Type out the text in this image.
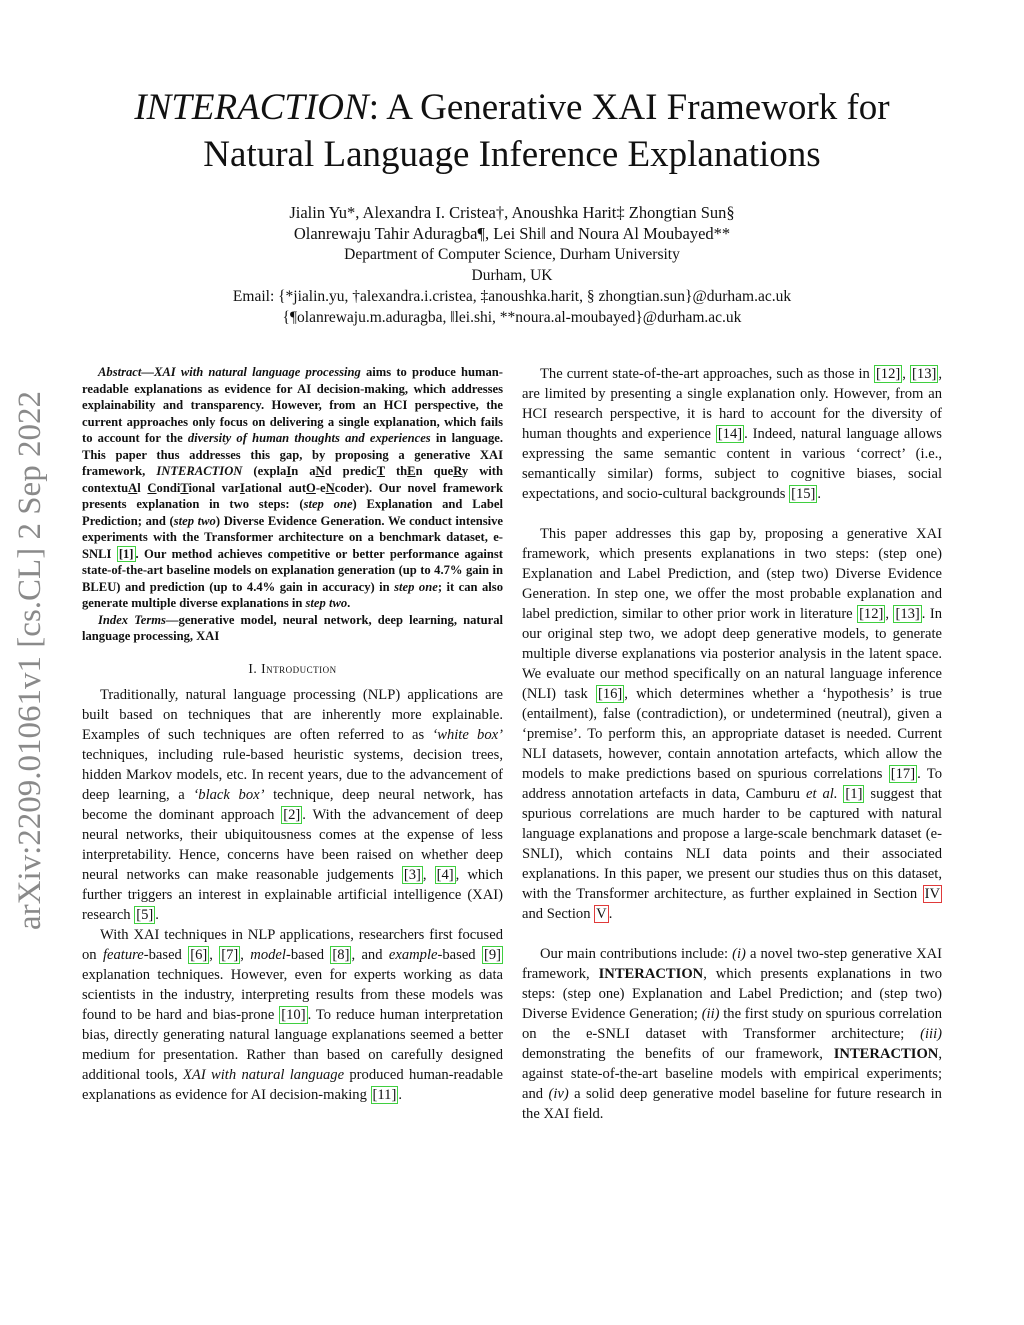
INTERACTION: A Generative XAI Framework for
Natural Language Inference Explanations
Jialin Yu*, Alexandra I. Cristea†, Anoushka Harit‡ Zhongtian Sun§
Olanrewaju Tahir Aduragba¶, Lei Shi‖ and Noura Al Moubayed**
Department of Computer Science, Durham University
Durham, UK
Email: {*jialin.yu, †alexandra.i.cristea, ‡anoushka.harit, § zhongtian.sun}@durham.ac.uk
{¶olanrewaju.m.aduragba, ‖lei.shi, **noura.al-moubayed}@durham.ac.uk
arXiv:2209.01061v1 [cs.CL] 2 Sep 2022

Abstract—XAI with natural language processing aims to produce human-readable explanations as evidence for AI decision-making, which addresses explainability and transparency. However, from an HCI perspective, the current approaches only focus on delivering a single explanation, which fails to account for the diversity of human thoughts and experiences in language. This paper thus addresses this gap, by proposing a generative XAI framework, INTERACTION (explaIn aNd predicT thEn queRy with contextuAl CondiTional varIational autO-eNcoder). Our novel framework presents explanation in two steps: (step one) Explanation and Label Prediction; and (step two) Diverse Evidence Generation. We conduct intensive experiments with the Transformer architecture on a benchmark dataset, e-SNLI [1] . Our method achieves competitive or better performance against state-of-the-art baseline models on explanation generation (up to 4.7% gain in BLEU) and prediction (up to 4.4% gain in accuracy) in step one; it can also generate multiple diverse explanations in step two.

Index Terms—generative model, neural network, deep learning, natural language processing, XAI

I. Introduction

Traditionally, natural language processing (NLP) applications are built based on techniques that are inherently more explainable. Examples of such techniques are often referred to as ‘white box’ techniques, including rule-based heuristic systems, decision trees, hidden Markov models, etc. In recent years, due to the advancement of deep learning, a ‘black box’ technique, deep neural network, has become the dominant approach [2] . With the advancement of deep neural networks, their ubiquitousness comes at the expense of less interpretability. Hence, concerns have been raised on whether deep neural networks can make reasonable judgements [3] , [4] , which further triggers an interest in explainable artificial intelligence (XAI) research [5] .

With XAI techniques in NLP applications, researchers first focused on feature-based [6] , [7] , model-based [8] , and example-based [9] explanation techniques. However, even for experts working as data scientists in the industry, interpreting results from these models was found to be hard and bias-prone [10] . To reduce human interpretation bias, directly generating natural language explanations seemed a better medium for presentation. Rather than based on carefully designed additional tools, XAI with natural language produced human-readable explanations as evidence for AI decision-making [11] .

The current state-of-the-art approaches, such as those in [12] , [13] , are limited by presenting a single explanation only. However, from an HCI research perspective, it is hard to account for the diversity of human thoughts and experience [14] . Indeed, natural language allows expressing the same semantic content in various ‘correct’ (i.e., semantically similar) forms, subject to cognitive biases, social expectations, and socio-cultural backgrounds [15] .

This paper addresses this gap by, proposing a generative XAI framework, which presents explanations in two steps: (step one) Explanation and Label Prediction, and (step two) Diverse Evidence Generation. In step one, we offer the most probable explanation and label prediction, similar to other prior work in literature [12] , [13] . In our original step two, we adopt deep generative models, to generate multiple diverse explanations via posterior analysis in the latent space. We evaluate our method specifically on an natural language inference (NLI) task [16] , which determines whether a ‘hypothesis’ is true (entailment), false (contradiction), or undetermined (neutral), given a ‘premise’. To perform this, an appropriate dataset is needed. Current NLI datasets, however, contain annotation artefacts, which allow the models to make predictions based on spurious correlations [17] . To address annotation artefacts in data, Camburu et al. [1] suggest that spurious correlations are much harder to be captured with natural language explanations and propose a large-scale benchmark dataset (e-SNLI), which contains NLI data points and their associated explanations. In this paper, we present our studies thus on this dataset, with the Transformer architecture, as further explained in Section IV and Section V .

Our main contributions include: (i) a novel two-step generative XAI framework, INTERACTION, which presents explanations in two steps: (step one) Explanation and Label Prediction; and (step two) Diverse Evidence Generation; (ii) the first study on spurious correlation on the e-SNLI dataset with Transformer architecture; (iii) demonstrating the benefits of our framework, INTERACTION, against state-of-the-art baseline models with empirical experiments; and (iv) a solid deep generative model baseline for future research in the XAI field.
